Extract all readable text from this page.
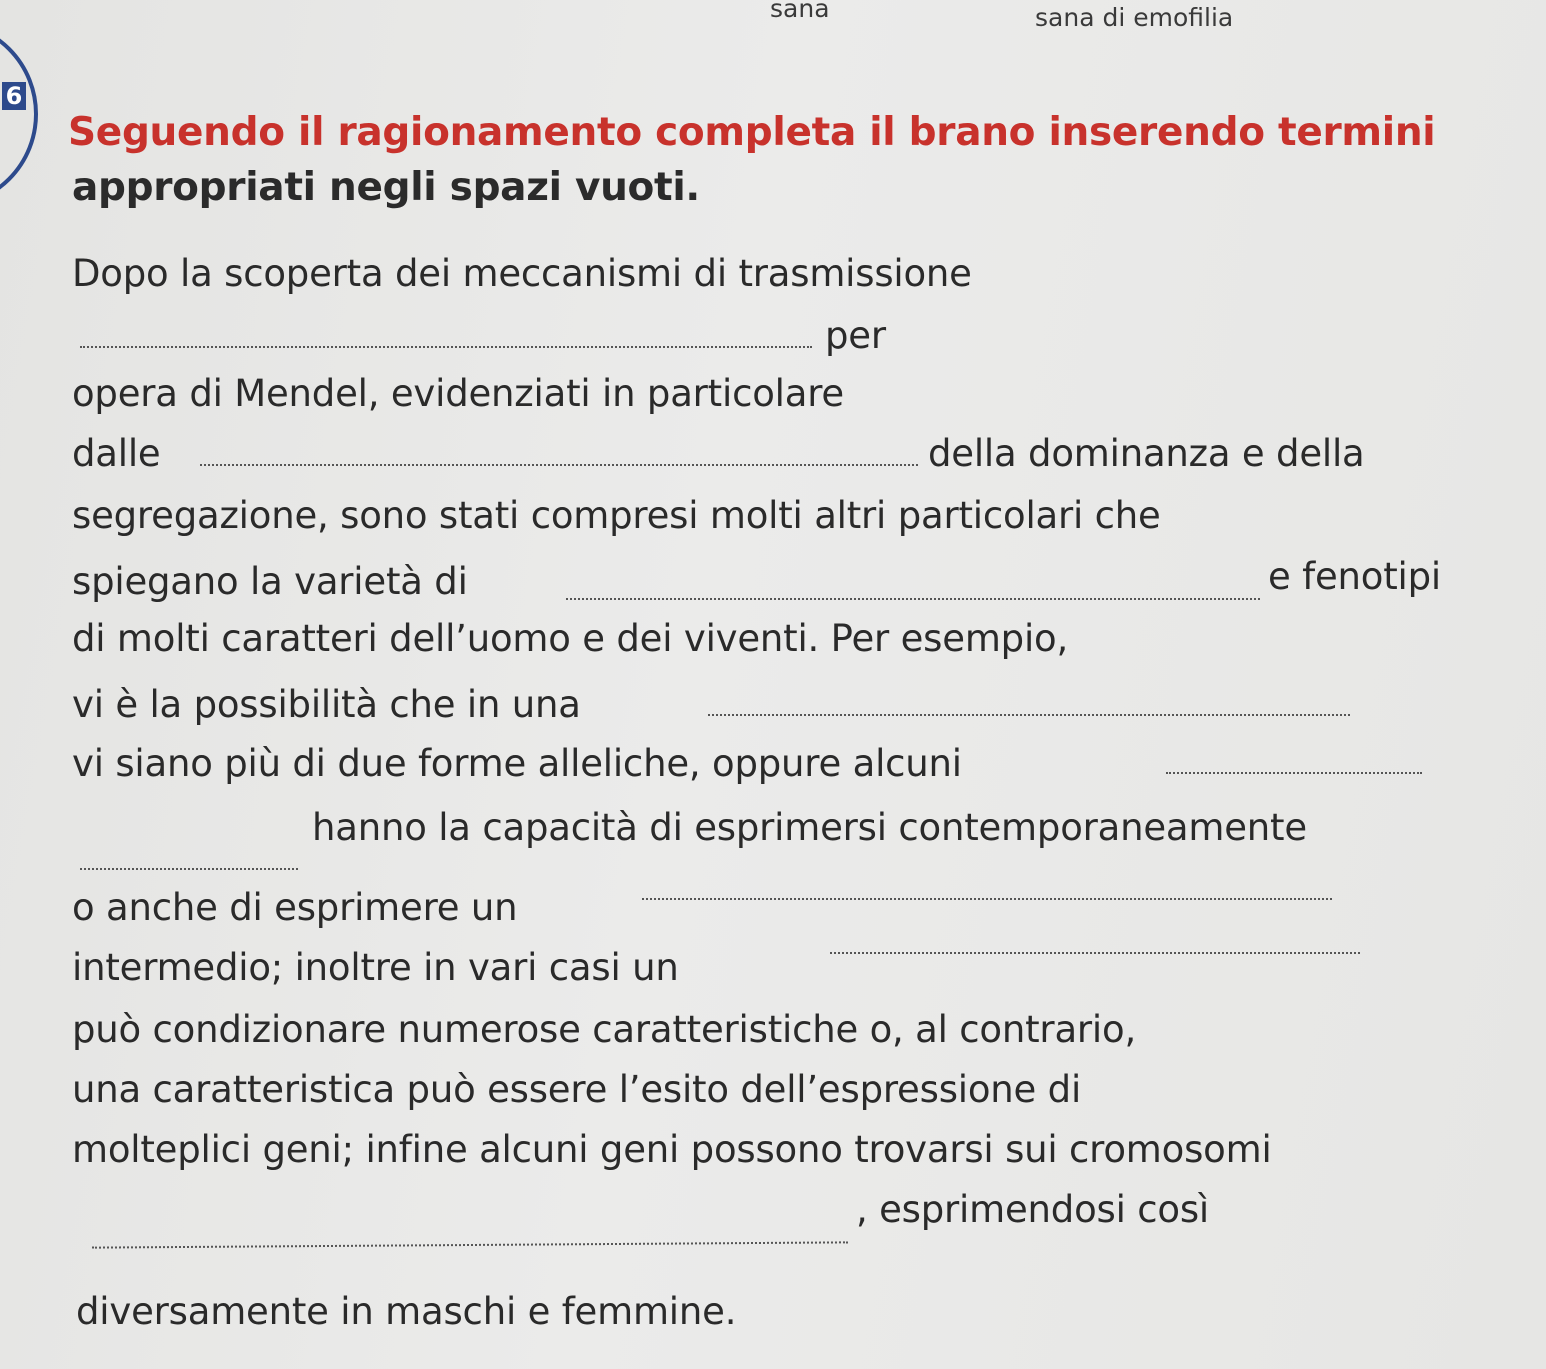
sana	sana di emofilia
6
Seguendo il ragionamento completa il brano inserendo termini
appropriati negli spazi vuoti.
Dopo la scoperta dei meccanismi di trasmissione
per
opera di Mendel, evidenziati in particolare
dalle	della dominanza e della
segregazione, sono stati compresi molti altri particolari che
spiegano la varietà di	e fenotipi
di molti caratteri dell’uomo e dei viventi. Per esempio,
vi è la possibilità che in una
vi siano più di due forme alleliche, oppure alcuni
hanno la capacità di esprimersi contemporaneamente
o anche di esprimere un
intermedio; inoltre in vari casi un
può condizionare numerose caratteristiche o, al contrario,
una caratteristica può essere l’esito dell’espressione di
molteplici geni; infine alcuni geni possono trovarsi sui cromosomi
, esprimendosi così
diversamente in maschi e femmine.
